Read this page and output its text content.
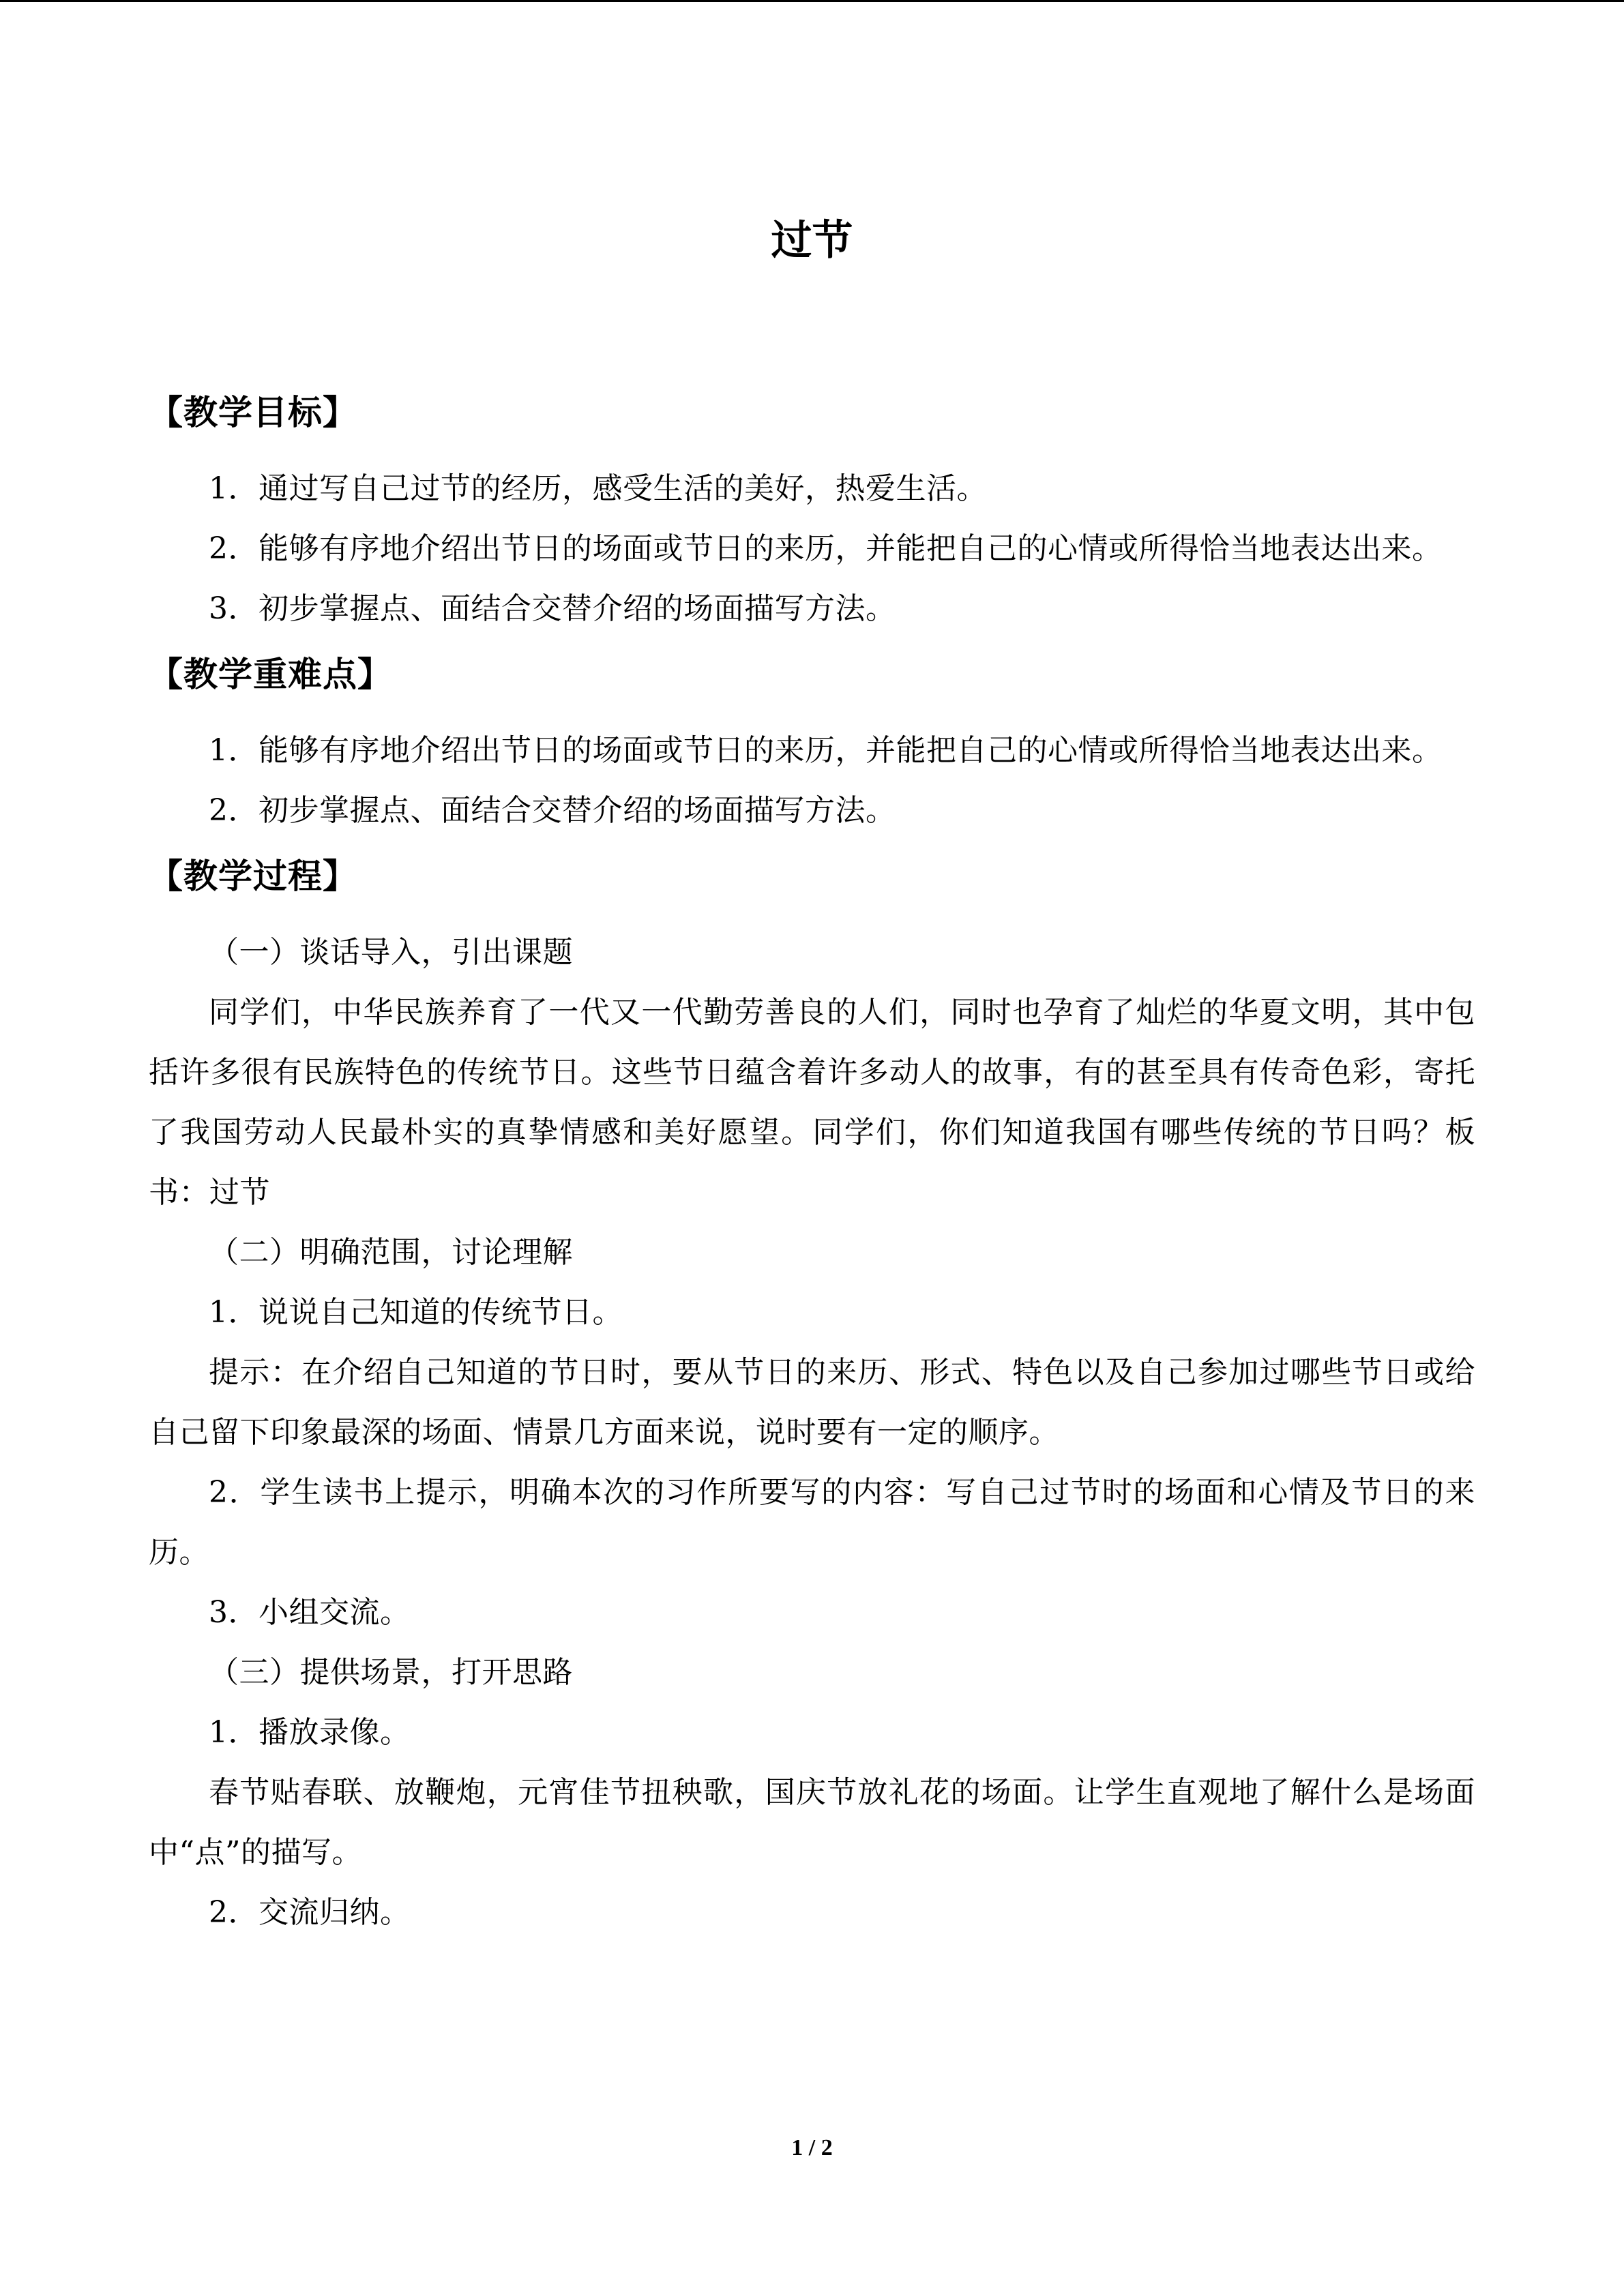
过节
【教学目标】

1．通过写自己过节的经历，感受生活的美好，热爱生活。

2．能够有序地介绍出节日的场面或节日的来历，并能把自己的心情或所得恰当地表达出来。

3．初步掌握点、面结合交替介绍的场面描写方法。

【教学重难点】

1．能够有序地介绍出节日的场面或节日的来历，并能把自己的心情或所得恰当地表达出来。

2．初步掌握点、面结合交替介绍的场面描写方法。

【教学过程】

（一）谈话导入，引出课题

同学们，中华民族养育了一代又一代勤劳善良的人们，同时也孕育了灿烂的华夏文明，其中包括许多很有民族特色的传统节日。这些节日蕴含着许多动人的故事，有的甚至具有传奇色彩，寄托了我国劳动人民最朴实的真挚情感和美好愿望。同学们，你们知道我国有哪些传统的节日吗？板书：过节

（二）明确范围，讨论理解

1．说说自己知道的传统节日。

提示：在介绍自己知道的节日时，要从节日的来历、形式、特色以及自己参加过哪些节日或给自己留下印象最深的场面、情景几方面来说，说时要有一定的顺序。

2．学生读书上提示，明确本次的习作所要写的内容：写自己过节时的场面和心情及节日的来历。

3．小组交流。

（三）提供场景，打开思路

1．播放录像。

春节贴春联、放鞭炮，元宵佳节扭秧歌，国庆节放礼花的场面。让学生直观地了解什么是场面中“点”的描写。

2．交流归纳。

1 / 2
